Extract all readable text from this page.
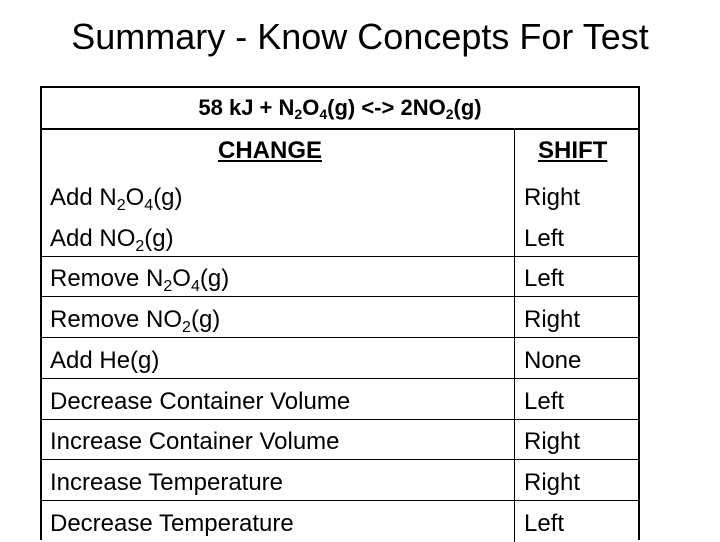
Summary - Know Concepts For Test
58 kJ + $N_2O_4(g)$ <-> $2NO_2(g)$
CHANGE	SHIFT
Add $N_2O_4(g)$	Right
Add $NO_2(g)$	Left
Remove $N_2O_4(g)$	Left
Remove $NO_2(g)$	Right
Add He(g)	None
Decrease Container Volume	Left
Increase Container Volume	Right
Increase Temperature	Right
Decrease Temperature	Left
